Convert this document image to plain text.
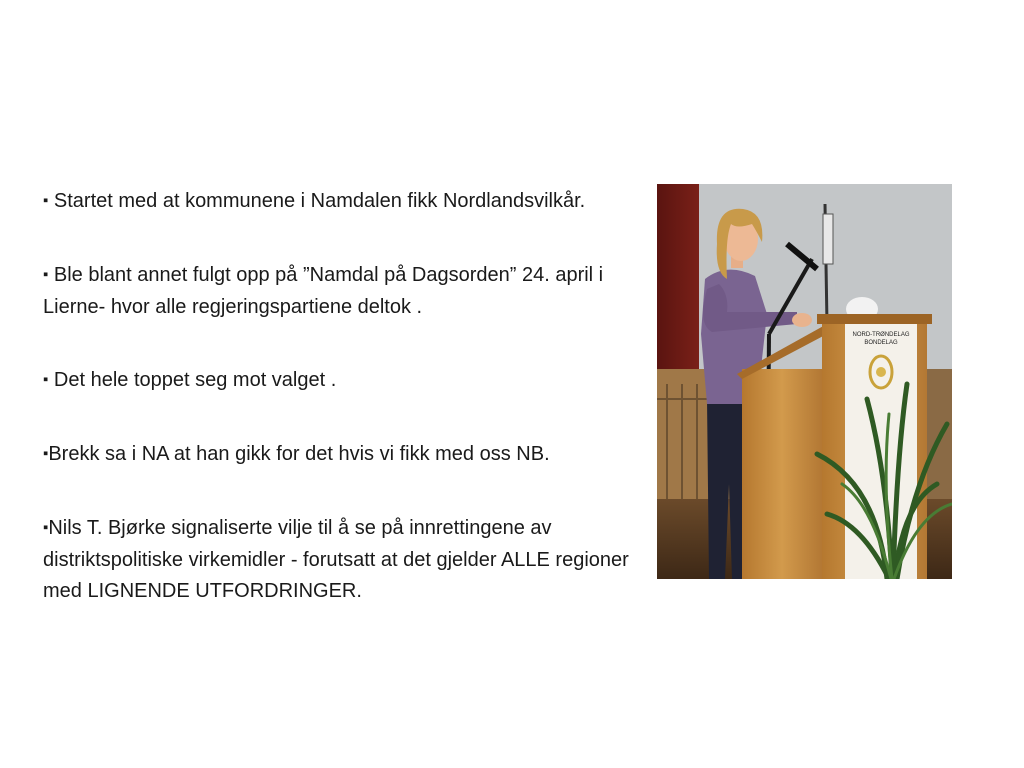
▪ Startet med at kommunene i Namdalen fikk Nordlandsvilkår.

▪ Ble blant annet fulgt opp på ”Namdal på Dagsorden” 24. april i Lierne- hvor alle regjeringspartiene deltok .

▪ Det hele toppet seg mot valget .

▪Brekk sa i NA at han gikk for det hvis vi fikk med oss NB.

▪Nils T. Bjørke signaliserte vilje til å se på innrettingene av distriktspolitiske virkemidler - forutsatt at det gjelder ALLE regioner med LIGNENDE UTFORDRINGER.

NORD-TRØNDELAG
BONDELAG
